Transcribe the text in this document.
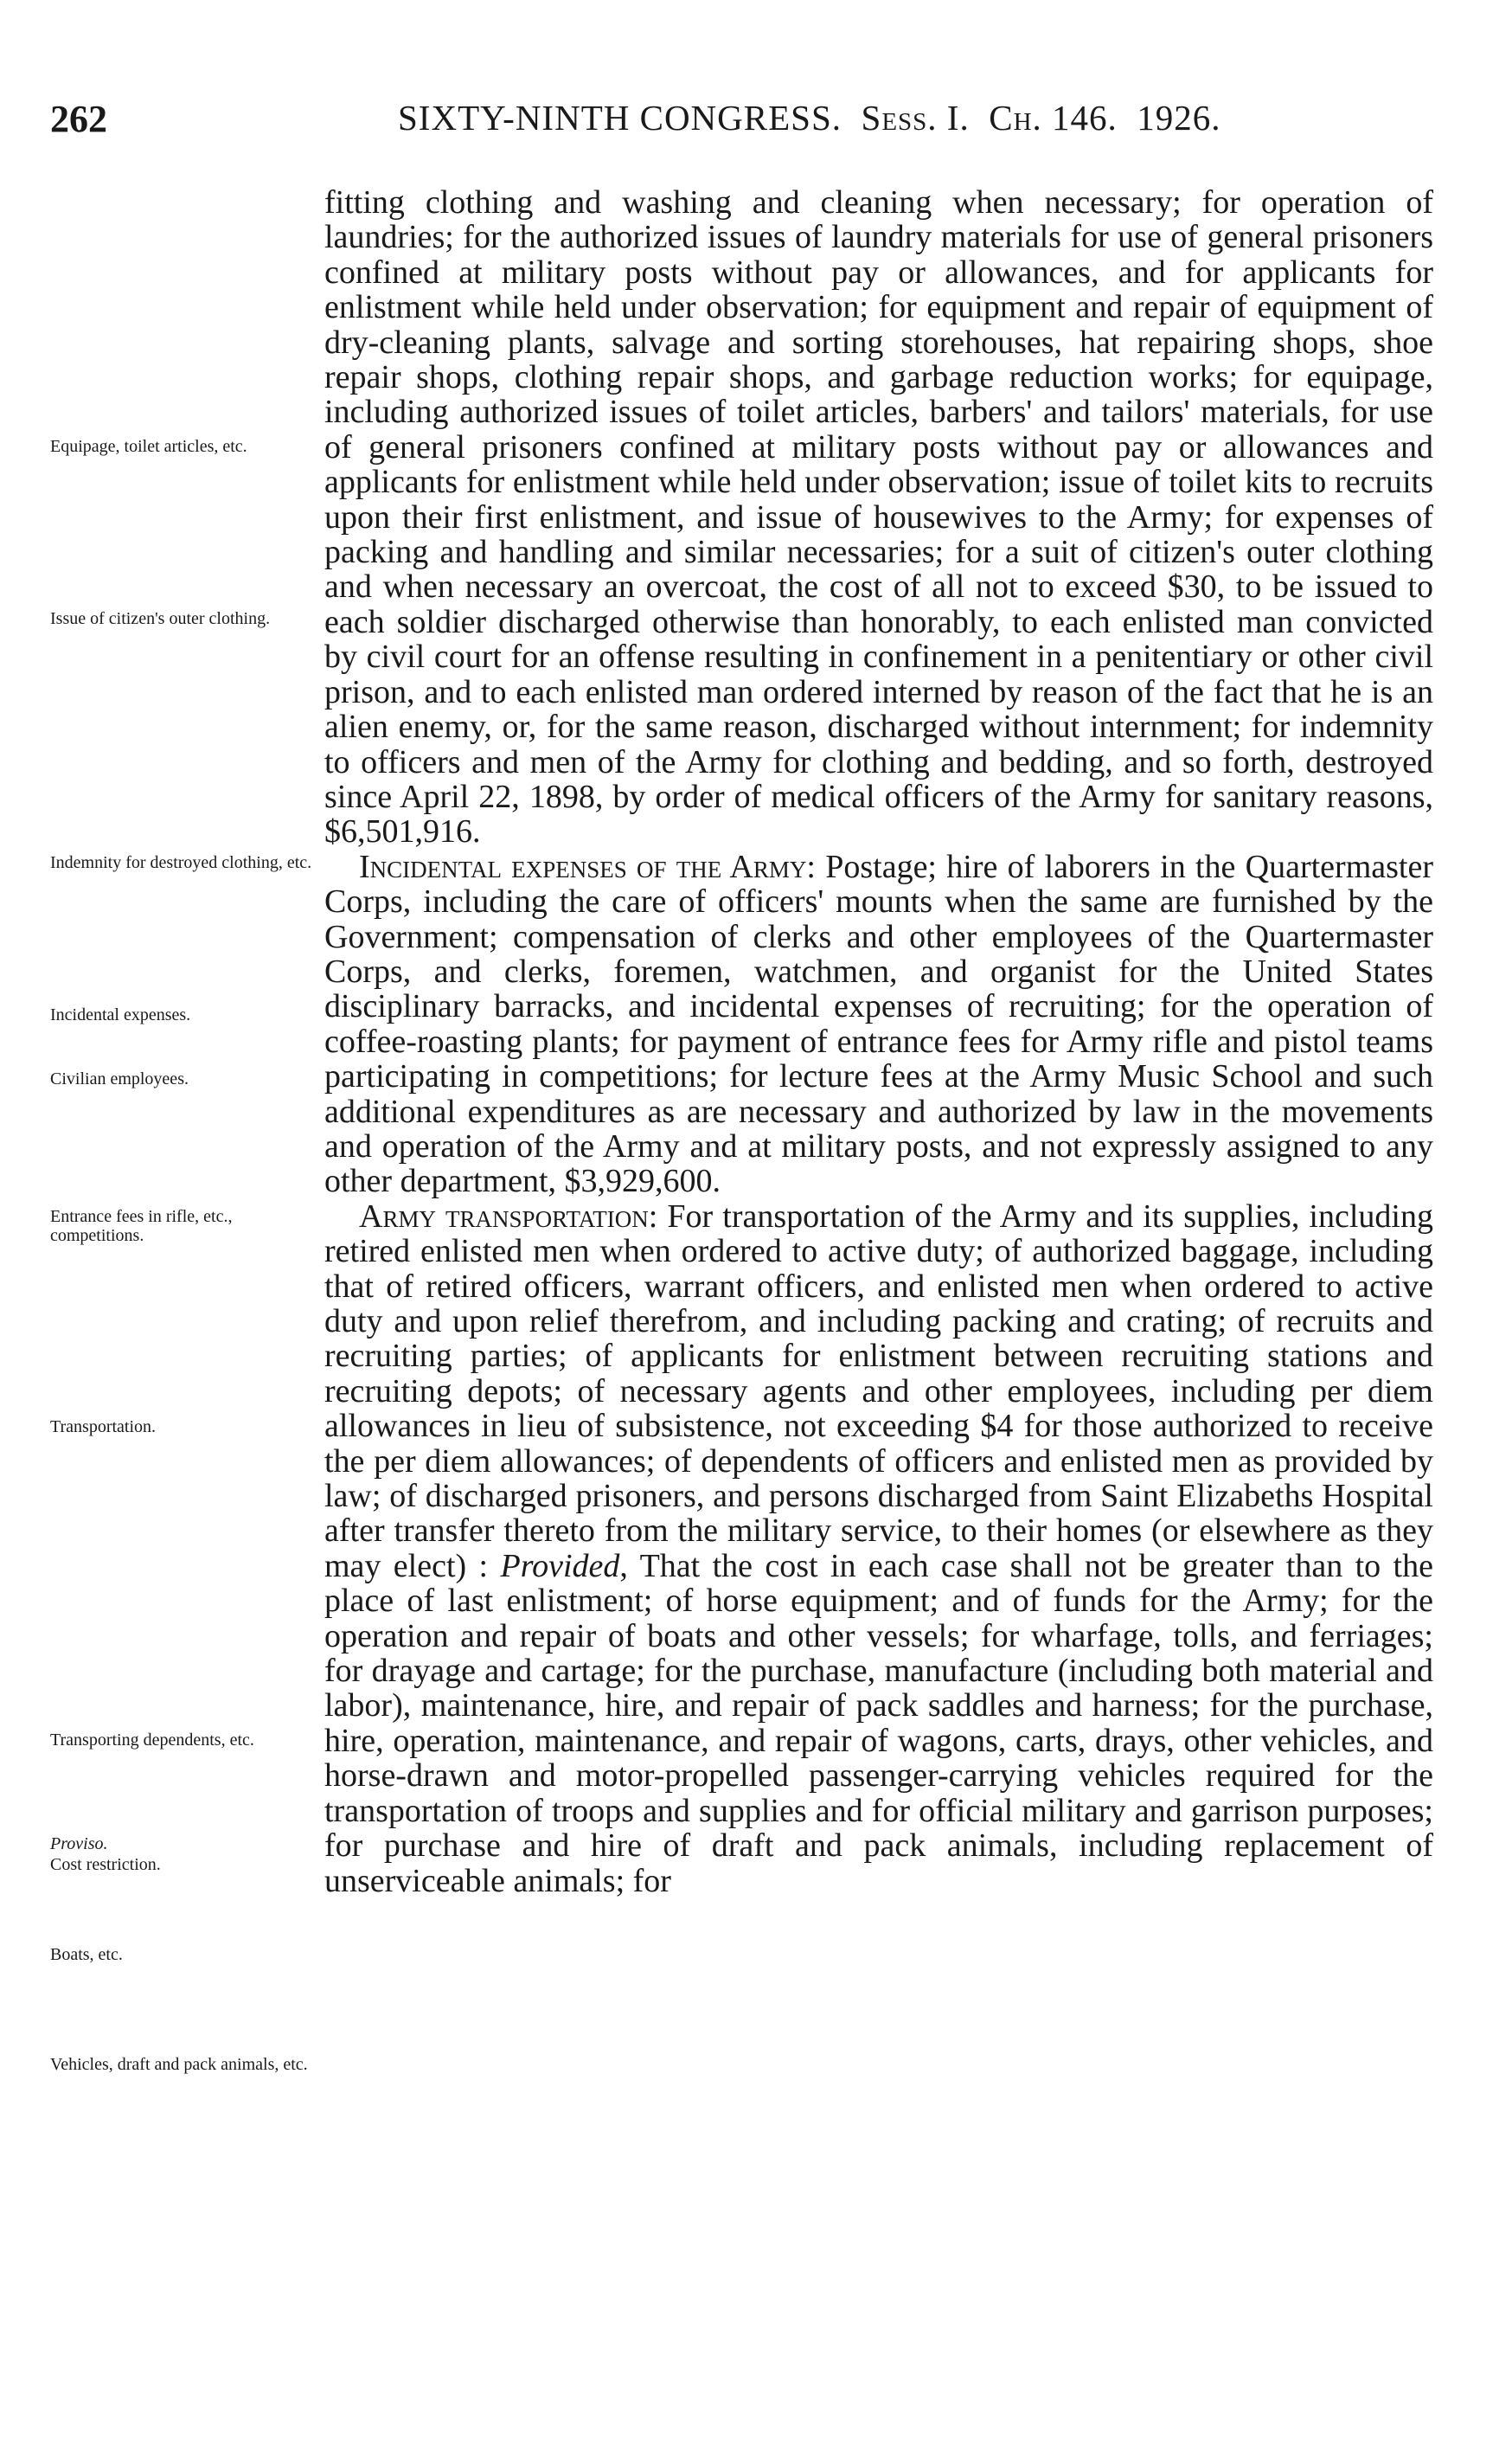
262	SIXTY-NINTH CONGRESS. Sess. I. Ch. 146. 1926.
Equipage, toilet articles, etc.
Issue of citizen's outer clothing.
Indemnity for destroyed clothing, etc.
Incidental expenses.
Civilian employees.
Entrance fees in rifle, etc., competitions.
Transportation.
Transporting dependents, etc.
Proviso.
Cost restriction.
Boats, etc.
Vehicles, draft and pack animals, etc.

fitting clothing and washing and cleaning when necessary; for operation of laundries; for the authorized issues of laundry materials for use of general prisoners confined at military posts without pay or allowances, and for applicants for enlistment while held under observation; for equipment and repair of equipment of dry-cleaning plants, salvage and sorting storehouses, hat repairing shops, shoe repair shops, clothing repair shops, and garbage reduction works; for equipage, including authorized issues of toilet articles, barbers' and tailors' materials, for use of general prisoners confined at military posts without pay or allowances and applicants for enlistment while held under observation; issue of toilet kits to recruits upon their first enlistment, and issue of housewives to the Army; for expenses of packing and handling and similar necessaries; for a suit of citizen's outer clothing and when necessary an overcoat, the cost of all not to exceed $30, to be issued to each soldier discharged otherwise than honorably, to each enlisted man convicted by civil court for an offense resulting in confinement in a penitentiary or other civil prison, and to each enlisted man ordered interned by reason of the fact that he is an alien enemy, or, for the same reason, discharged without internment; for indemnity to officers and men of the Army for clothing and bedding, and so forth, destroyed since April 22, 1898, by order of medical officers of the Army for sanitary reasons, $6,501,916.

Incidental expenses of the Army: Postage; hire of laborers in the Quartermaster Corps, including the care of officers' mounts when the same are furnished by the Government; compensation of clerks and other employees of the Quartermaster Corps, and clerks, foremen, watchmen, and organist for the United States disciplinary barracks, and incidental expenses of recruiting; for the operation of coffee-roasting plants; for payment of entrance fees for Army rifle and pistol teams participating in competitions; for lecture fees at the Army Music School and such additional expenditures as are necessary and authorized by law in the movements and operation of the Army and at military posts, and not expressly assigned to any other department, $3,929,600.

Army transportation: For transportation of the Army and its supplies, including retired enlisted men when ordered to active duty; of authorized baggage, including that of retired officers, warrant officers, and enlisted men when ordered to active duty and upon relief therefrom, and including packing and crating; of recruits and recruiting parties; of applicants for enlistment between recruiting stations and recruiting depots; of necessary agents and other employees, including per diem allowances in lieu of subsistence, not exceeding $4 for those authorized to receive the per diem allowances; of dependents of officers and enlisted men as provided by law; of discharged prisoners, and persons discharged from Saint Elizabeths Hospital after transfer thereto from the military service, to their homes (or elsewhere as they may elect) : Provided, That the cost in each case shall not be greater than to the place of last enlistment; of horse equipment; and of funds for the Army; for the operation and repair of boats and other vessels; for wharfage, tolls, and ferriages; for drayage and cartage; for the purchase, manufacture (including both material and labor), maintenance, hire, and repair of pack saddles and harness; for the purchase, hire, operation, maintenance, and repair of wagons, carts, drays, other vehicles, and horse-drawn and motor-propelled passenger-carrying vehicles required for the transportation of troops and supplies and for official military and garrison purposes; for purchase and hire of draft and pack animals, including replacement of unserviceable animals; for
